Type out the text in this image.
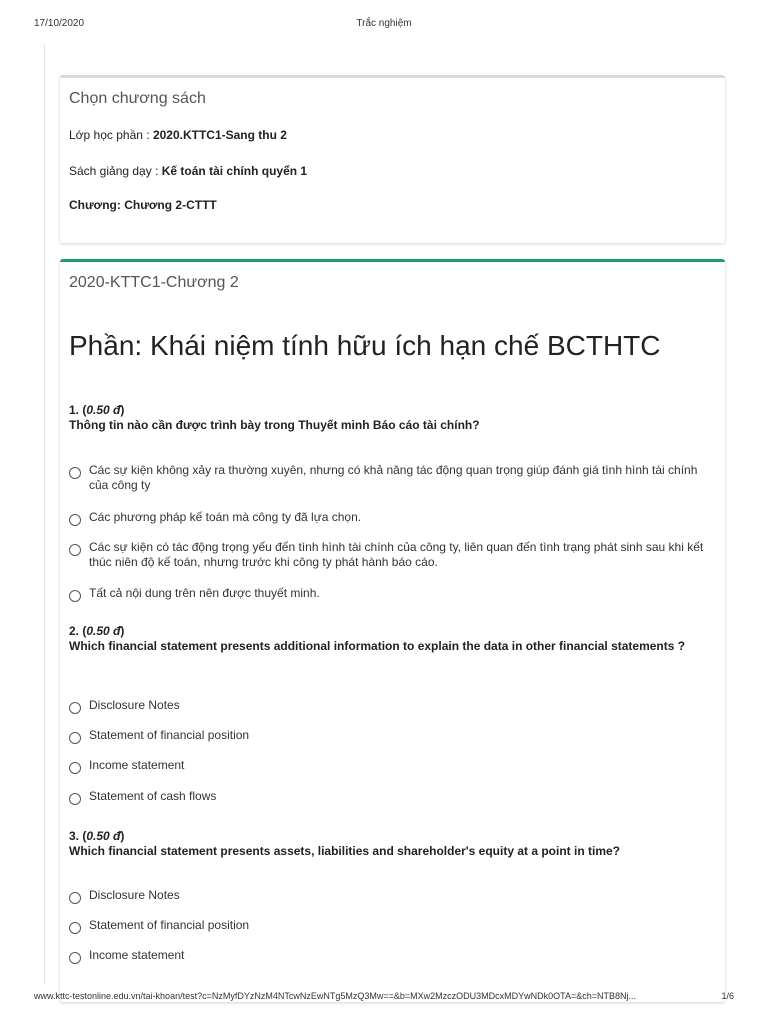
17/10/2020	Trắc nghiệm
Chọn chương sách
Lớp học phần : 2020.KTTC1-Sang thu 2
Sách giảng dạy : Kế toán tài chính quyển 1
Chương: Chương 2-CTTT
2020-KTTC1-Chương 2
Phần: Khái niệm tính hữu ích hạn chế BCTHTC
1. (0.50 đ)
Thông tin nào cần được trình bày trong Thuyết minh Báo cáo tài chính?
Các sự kiện không xảy ra thường xuyên, nhưng có khả năng tác động quan trọng giúp đánh giá tình hình tài chính của công ty
Các phương pháp kế toán mà công ty đã lựa chọn.
Các sự kiện có tác động trọng yếu đến tình hình tài chính của công ty, liên quan đến tình trạng phát sinh sau khi kết thúc niên độ kế toán, nhưng trước khi công ty phát hành báo cáo.
Tất cả nội dung trên nên được thuyết minh.
2. (0.50 đ)
Which financial statement presents additional information to explain the data in other financial statements ?
Disclosure Notes
Statement of financial position
Income statement
Statement of cash flows
3. (0.50 đ)
Which financial statement presents assets, liabilities and shareholder's equity at a point in time?
Disclosure Notes
Statement of financial position
Income statement
www.kttc-testonline.edu.vn/tai-khoan/test?c=NzMyfDYzNzM4NTcwNzEwNTg5MzQ3Mw==&b=MXw2MzczODU3MDcxMDYwNDk0OTA=&ch=NTB8Nj...	1/6
